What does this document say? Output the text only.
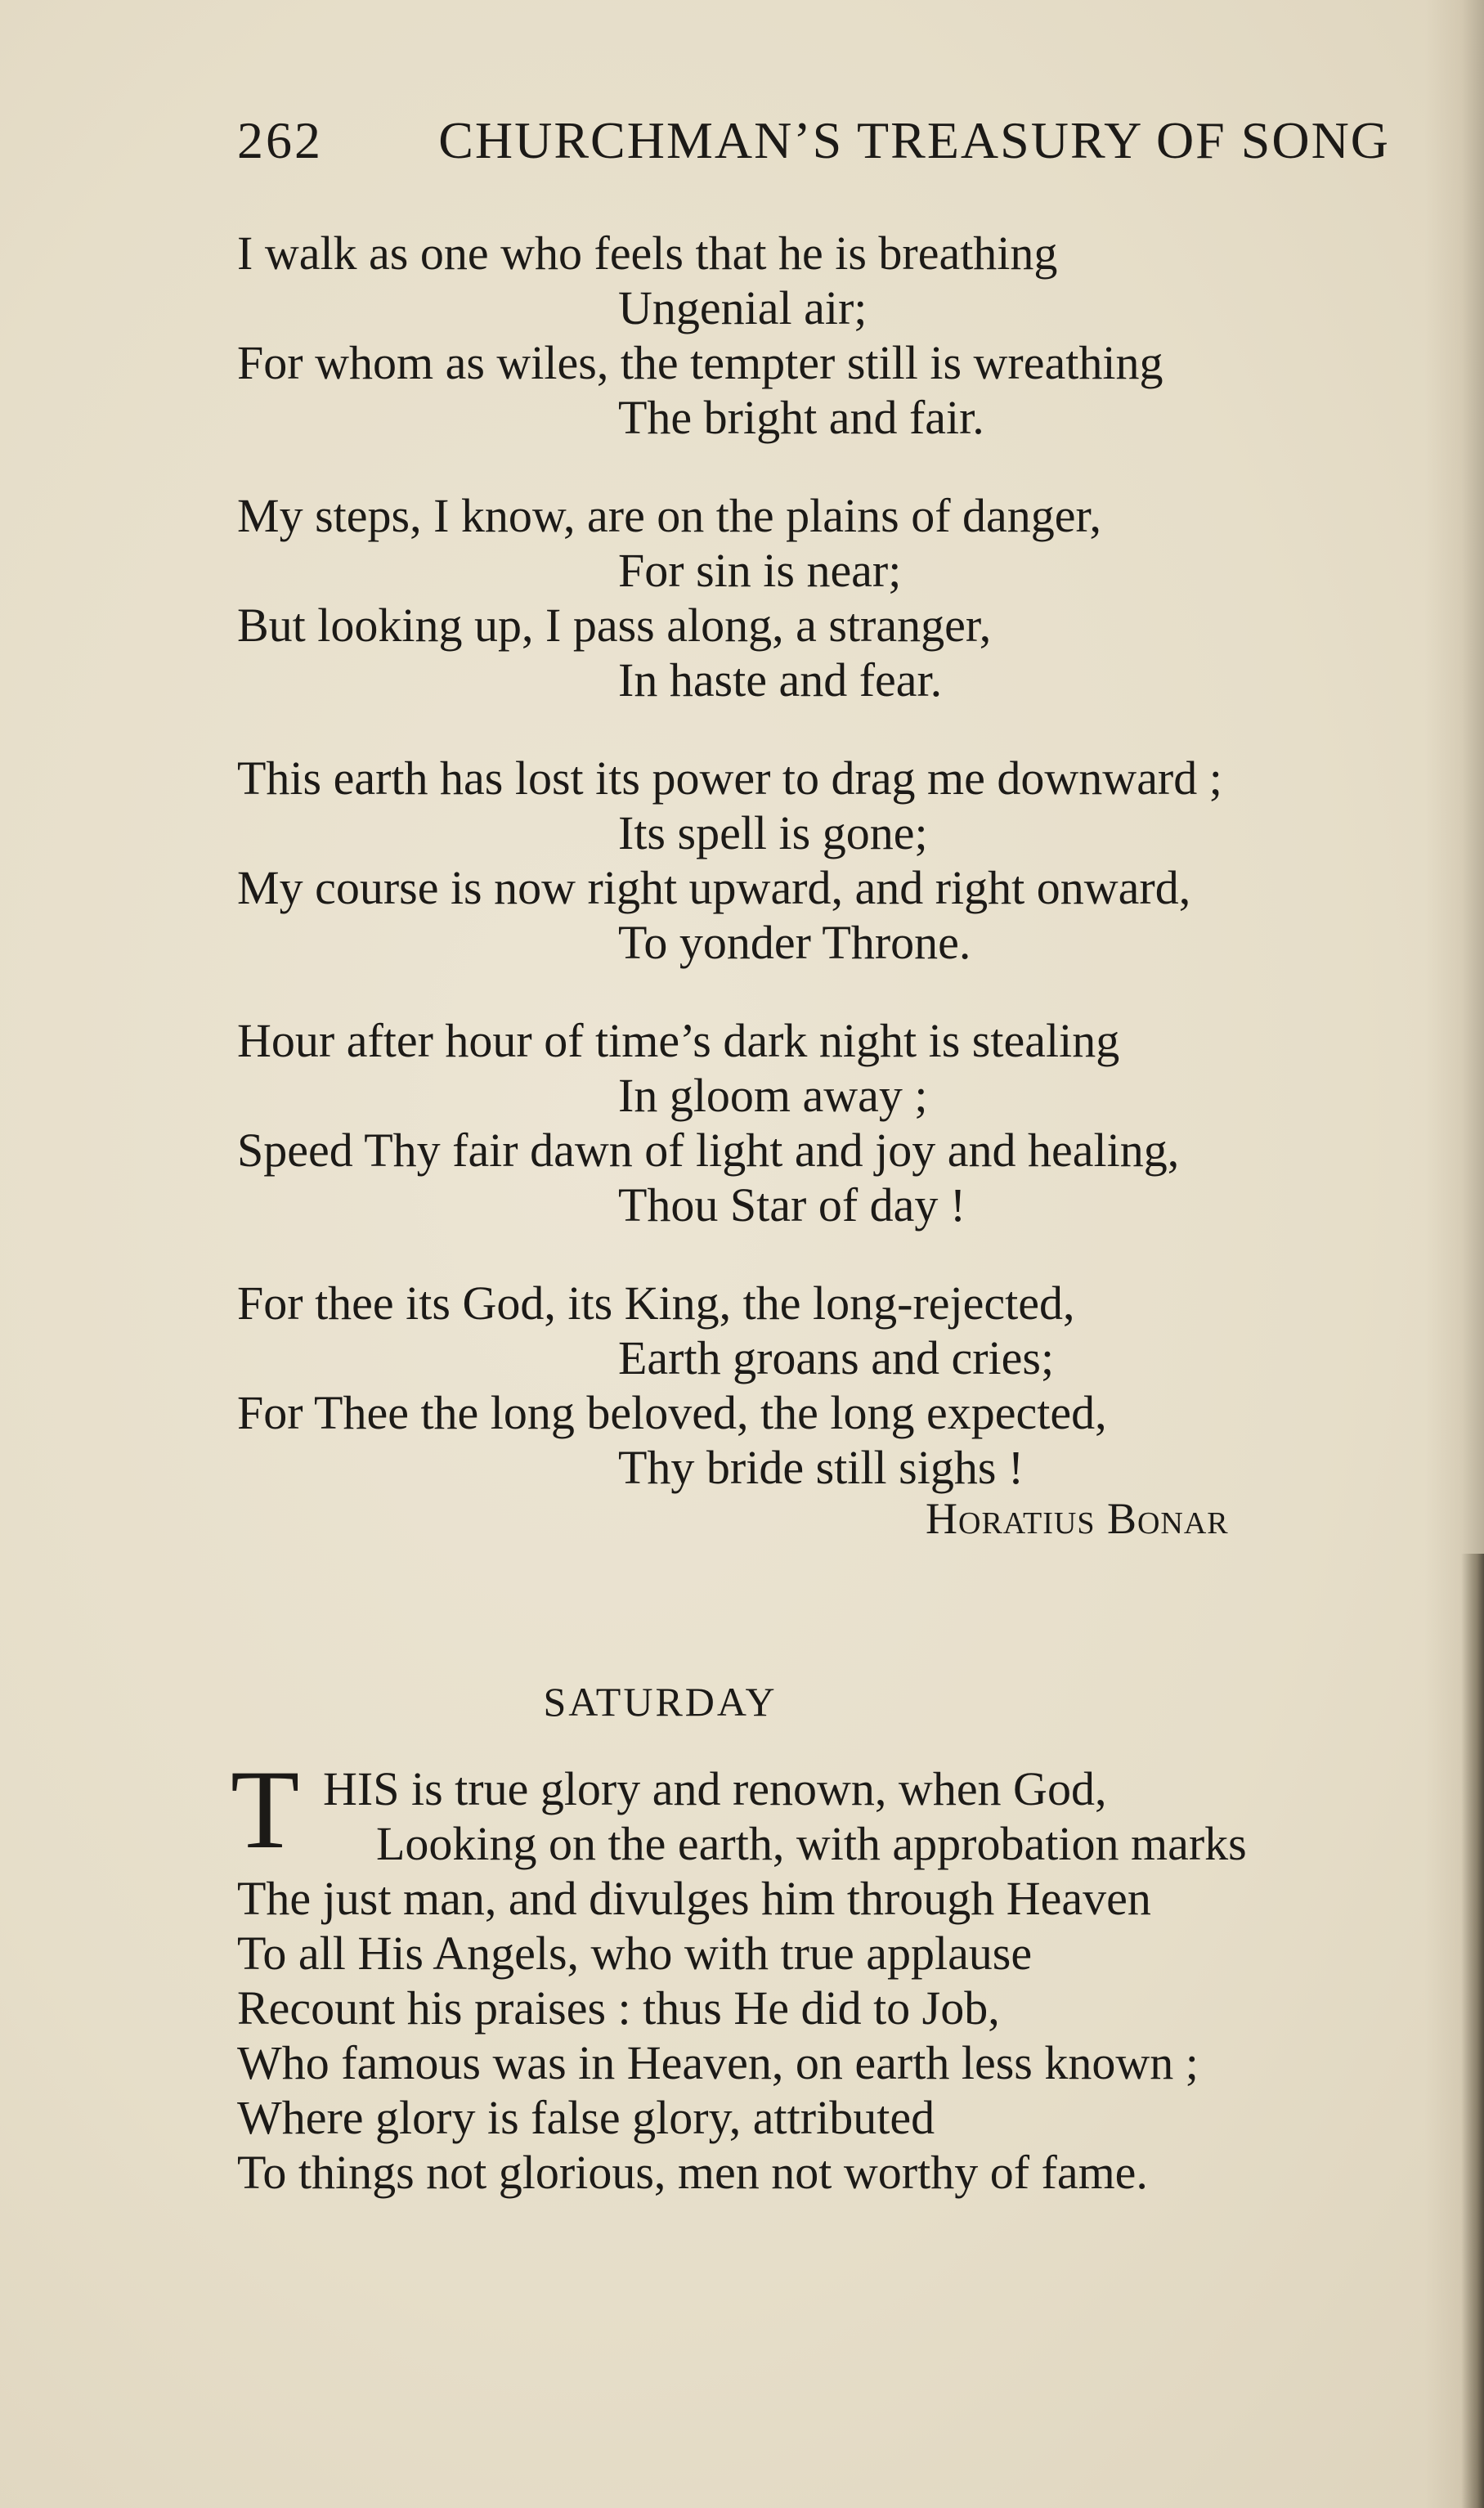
262 CHURCHMAN’S TREASURY OF SONG
I walk as one who feels that he is breathing
Ungenial air;
For whom as wiles, the tempter still is wreathing
The bright and fair.
My steps, I know, are on the plains of danger,
For sin is near;
But looking up, I pass along, a stranger,
In haste and fear.
This earth has lost its power to drag me downward ;
Its spell is gone;
My course is now right upward, and right onward,
To yonder Throne.
Hour after hour of time’s dark night is stealing
In gloom away ;
Speed Thy fair dawn of light and joy and healing,
Thou Star of day !
For thee its God, its King, the long-rejected,
Earth groans and cries;
For Thee the long beloved, the long expected,
Thy bride still sighs !
Horatius Bonar
SATURDAY
T HIS is true glory and renown, when God,
Looking on the earth, with approbation marks
The just man, and divulges him through Heaven
To all His Angels, who with true applause
Recount his praises : thus He did to Job,
Who famous was in Heaven, on earth less known ;
Where glory is false glory, attributed
To things not glorious, men not worthy of fame.
